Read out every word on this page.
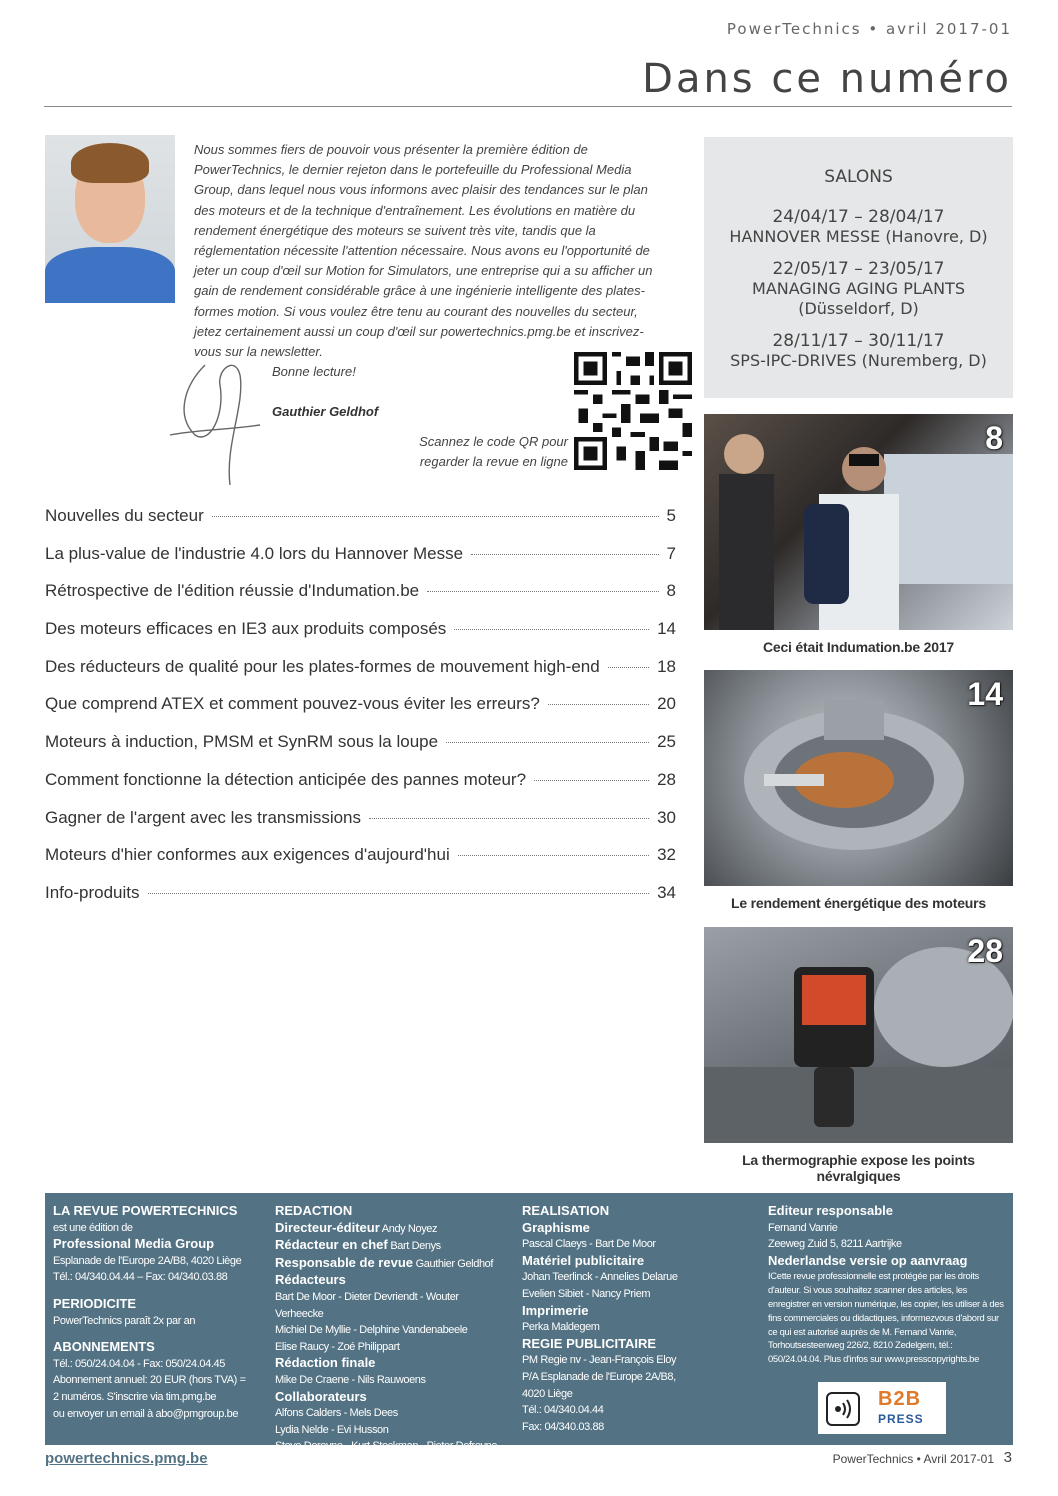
PowerTechnics • avril 2017-01
Dans ce numéro

Nous sommes fiers de pouvoir vous présenter la première édition de PowerTechnics, le dernier rejeton dans le portefeuille du Professional Media Group, dans lequel nous vous informons avec plaisir des tendances sur le plan des moteurs et de la technique d'entraînement. Les évolutions en matière du rendement énergétique des moteurs se suivent très vite, tandis que la réglementation nécessite l'attention nécessaire. Nous avons eu l'opportunité de jeter un coup d'œil sur Motion for Simulators, une entreprise qui a su afficher un gain de rendement considérable grâce à une ingénierie intelligente des plates-formes motion. Si vous voulez être tenu au courant des nouvelles du secteur, jetez certainement aussi un coup d'œil sur powertechnics.pmg.be et inscrivez-vous sur la newsletter.

Bonne lecture!
Gauthier Geldhof
Scannez le code QR pour regarder la revue en ligne
Nouvelles du secteur	5
La plus-value de l'industrie 4.0 lors du Hannover Messe	7
Rétrospective de l'édition réussie d'Indumation.be	8
Des moteurs efficaces en IE3 aux produits composés	14
Des réducteurs de qualité pour les plates-formes de mouvement high-end	18
Que comprend ATEX et comment pouvez-vous éviter les erreurs?	20
Moteurs à induction, PMSM et SynRM sous la loupe	25
Comment fonctionne la détection anticipée des pannes moteur?	28
Gagner de l'argent avec les transmissions	30
Moteurs d'hier conformes aux exigences d'aujourd'hui	32
Info-produits	34
SALONS
24/04/17 – 28/04/17
HANNOVER MESSE (Hanovre, D)
22/05/17 – 23/05/17
MANAGING AGING PLANTS
(Düsseldorf, D)
28/11/17 – 30/11/17
SPS-IPC-DRIVES (Nuremberg, D)
8
Ceci était Indumation.be 2017
14
Le rendement énergétique des moteurs
28
La thermographie expose les points névralgiques
LA REVUE POWERTECHNICS
est une édition de
Professional Media Group
Esplanade de l'Europe 2A/B8, 4020 Liège
Tél.: 04/340.04.44 – Fax: 04/340.03.88
PERIODICITE
PowerTechnics paraît 2x par an
ABONNEMENTS
Tél.: 050/24.04.04 - Fax: 050/24.04.45
Abonnement annuel: 20 EUR (hors TVA) =
2 numéros. S'inscrire via tim.pmg.be
ou envoyer un email à abo@pmgroup.be
REDACTION
Directeur-éditeur Andy Noyez
Rédacteur en chef Bart Denys
Responsable de revue Gauthier Geldhof
Rédacteurs
Bart De Moor - Dieter Devriendt - Wouter Verheecke
Michiel De Myllie - Delphine Vandenabeele
Elise Raucy - Zoé Philippart
Rédaction finale
Mike De Craene - Nils Rauwoens
Collaborateurs
Alfons Calders - Mels Dees
Lydia Nelde - Evi Husson
Steve Dereyne - Kurt Stockman - Pieter Defreyne
REALISATION
Graphisme
Pascal Claeys - Bart De Moor
Matériel publicitaire
Johan Teerlinck - Annelies Delarue
Evelien Sibiet - Nancy Priem
Imprimerie
Perka Maldegem
REGIE PUBLICITAIRE
PM Regie nv - Jean-François Eloy
P/A Esplanade de l'Europe 2A/B8,
4020 Liège
Tél.: 04/340.04.44
Fax: 04/340.03.88
Editeur responsable
Fernand Vanrie
Zeeweg Zuid 5, 8211 Aartrijke
Nederlandse versie op aanvraag
ICette revue professionnelle est protégée par les droits d'auteur. Si vous souhaitez scanner des articles, les enregistrer en version numérique, les copier, les utiliser à des fins commerciales ou didactiques, informezvous d'abord sur ce qui est autorisé auprès de M. Fernand Vanrie, Torhoutsesteenweg 226/2, 8210 Zedelgem, tél.: 050/24.04.04. Plus d'infos sur www.presscopyrights.be
B2B
PRESS
powertechnics.pmg.be	PowerTechnics • Avril 2017-01 3
